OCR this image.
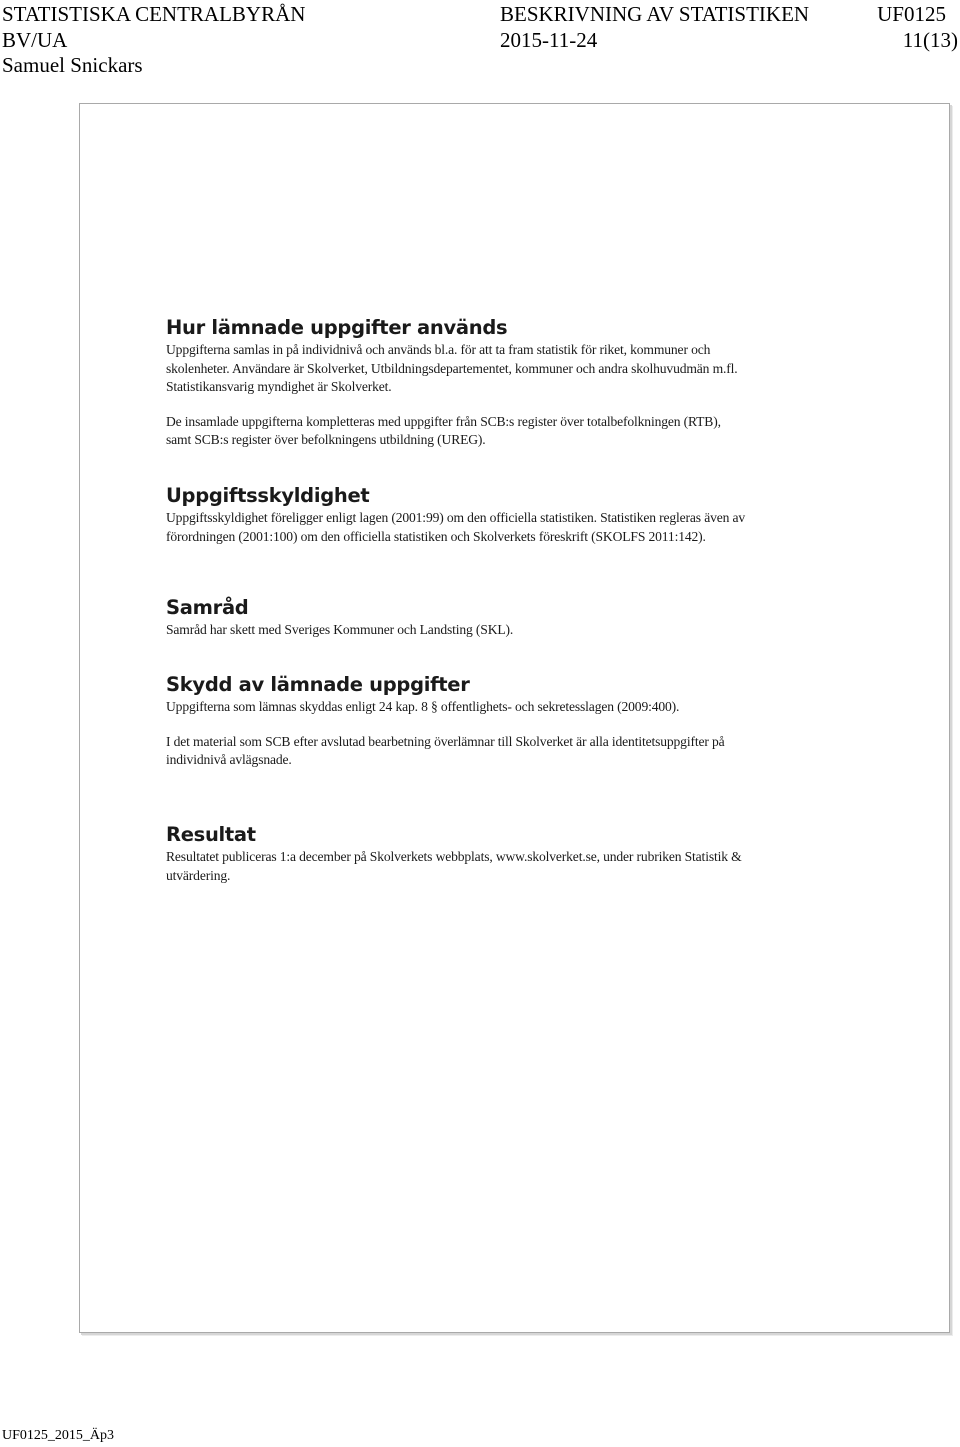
STATISTISKA CENTRALBYRÅN	BESKRIVNING AV STATISTIKEN	UF0125
BV/UA	2015-11-24	11(13)
Samuel Snickars
Hur lämnade uppgifter används

Uppgifterna samlas in på individnivå och används bl.a. för att ta fram statistik för riket, kommuner och skolenheter. Användare är Skolverket, Utbildningsdepartementet, kommuner och andra skolhuvudmän m.fl. Statistikansvarig myndighet är Skolverket.

De insamlade uppgifterna kompletteras med uppgifter från SCB:s register över totalbefolkningen (RTB), samt SCB:s register över befolkningens utbildning (UREG).

Uppgiftsskyldighet

Uppgiftsskyldighet föreligger enligt lagen (2001:99) om den officiella statistiken. Statistiken regleras även av förordningen (2001:100) om den officiella statistiken och Skolverkets föreskrift (SKOLFS 2011:142).

Samråd

Samråd har skett med Sveriges Kommuner och Landsting (SKL).

Skydd av lämnade uppgifter

Uppgifterna som lämnas skyddas enligt 24 kap. 8 § offentlighets- och sekretesslagen (2009:400).

I det material som SCB efter avslutad bearbetning överlämnar till Skolverket är alla identitetsuppgifter på individnivå avlägsnade.

Resultat

Resultatet publiceras 1:a december på Skolverkets webbplats, www.skolverket.se, under rubriken Statistik & utvärdering.

UF0125_2015_Äp3
